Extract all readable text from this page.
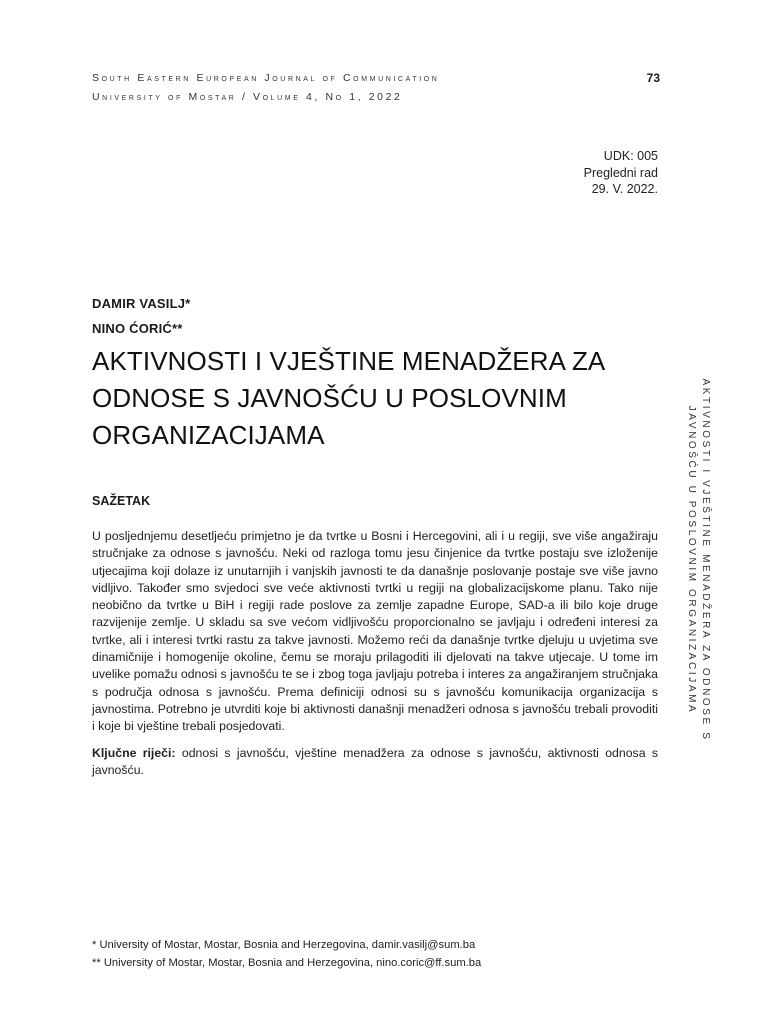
South Eastern European Journal of Communication
University of Mostar / Volume 4, No 1, 2022
73
UDK: 005
Pregledni rad
29. V. 2022.
DAMIR VASILJ*
NINO ĆORIĆ**
AKTIVNOSTI I VJEŠTINE MENADŽERA ZA ODNOSE S JAVNOŠĆU U POSLOVNIM ORGANIZACIJAMA
SAŽETAK

U posljednjemu desetljeću primjetno je da tvrtke u Bosni i Hercegovini, ali i u regiji, sve više angažiraju stručnjake za odnose s javnošću. Neki od razloga tomu jesu činjenice da tvrtke postaju sve izloženije utjecajima koji dolaze iz unutarnjih i vanjskih javnosti te da današnje poslovanje postaje sve više javno vidljivo. Također smo svjedoci sve veće aktivnosti tvrtki u regiji na globalizacijskome planu. Tako nije neobično da tvrtke u BiH i regiji rade poslove za zemlje zapadne Europe, SAD-a ili bilo koje druge razvijenije zemlje. U skladu sa sve većom vidljivošću proporcionalno se javljaju i određeni interesi za tvrtke, ali i interesi tvrtki rastu za takve javnosti. Možemo reći da današnje tvrtke djeluju u uvjetima sve dinamičnije i homogenije okoline, čemu se moraju prilagoditi ili djelovati na takve utjecaje. U tome im uvelike pomažu odnosi s javnošću te se i zbog toga javljaju potreba i interes za angažiranjem stručnjaka s područja odnosa s javnošću. Prema definiciji odnosi su s javnošću komunikacija organizacija s javnostima. Potrebno je utvrditi koje bi aktivnosti današnji menadžeri odnosa s javnošću trebali provoditi i koje bi vještine trebali posjedovati.

Ključne riječi: odnosi s javnošću, vještine menadžera za odnose s javnošću, aktivnosti odnosa s javnošću.

* University of Mostar, Mostar, Bosnia and Herzegovina, damir.vasilj@sum.ba
** University of Mostar, Mostar, Bosnia and Herzegovina, nino.coric@ff.sum.ba
AKTIVNOSTI I VJEŠTINE MENADŽERA ZA ODNOSE S JAVNOŠĆU U POSLOVNIM ORGANIZACIJAMA
